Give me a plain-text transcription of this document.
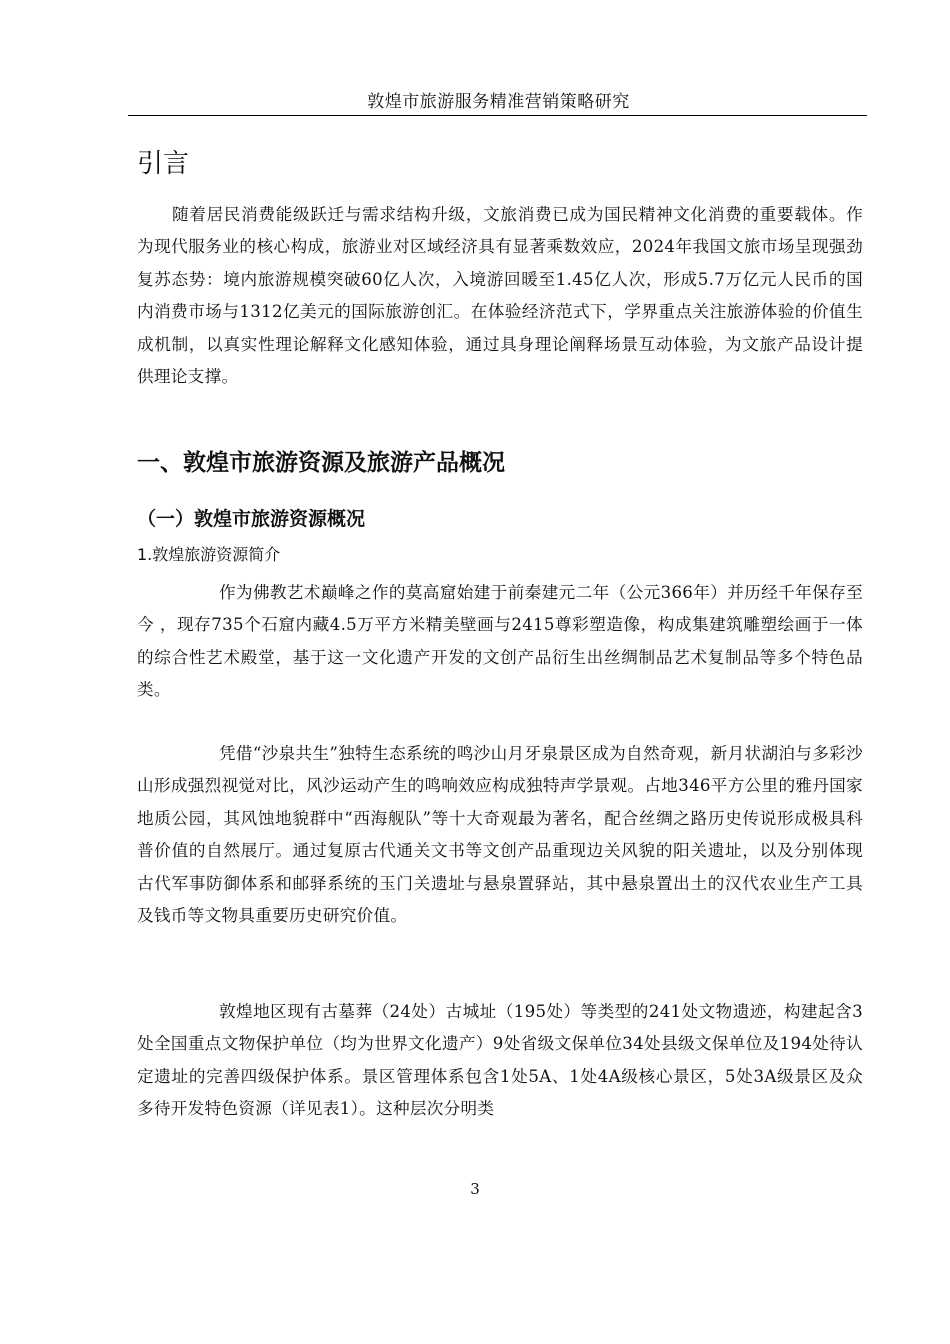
敦煌市旅游服务精准营销策略研究
引言

随着居民消费能级跃迁与需求结构升级，文旅消费已成为国民精神文化消费的重要载体。作为现代服务业的核心构成，旅游业对区域经济具有显著乘数效应，2024年我国文旅市场呈现强劲复苏态势：境内旅游规模突破60亿人次，入境游回暖至1.45亿人次，形成5.7万亿元人民币的国内消费市场与1312亿美元的国际旅游创汇。在体验经济范式下，学界重点关注旅游体验的价值生成机制，以真实性理论解释文化感知体验，通过具身理论阐释场景互动体验，为文旅产品设计提供理论支撑。

一、敦煌市旅游资源及旅游产品概况
（一）敦煌市旅游资源概况
1.敦煌旅游资源简介

作为佛教艺术巅峰之作的莫高窟始建于前秦建元二年（公元366年）并历经千年保存至今 ，现存735个石窟内藏4.5万平方米精美壁画与2415尊彩塑造像，构成集建筑雕塑绘画于一体的综合性艺术殿堂，基于这一文化遗产开发的文创产品衍生出丝绸制品艺术复制品等多个特色品类。

凭借“沙泉共生”独特生态系统的鸣沙山月牙泉景区成为自然奇观，新月状湖泊与多彩沙山形成强烈视觉对比，风沙运动产生的鸣响效应构成独特声学景观。占地346平方公里的雅丹国家地质公园，其风蚀地貌群中“西海舰队”等十大奇观最为著名，配合丝绸之路历史传说形成极具科普价值的自然展厅。通过复原古代通关文书等文创产品重现边关风貌的阳关遗址，以及分别体现古代军事防御体系和邮驿系统的玉门关遗址与悬泉置驿站，其中悬泉置出土的汉代农业生产工具及钱币等文物具重要历史研究价值。

敦煌地区现有古墓葬（24处）古城址（195处）等类型的241处文物遗迹，构建起含3处全国重点文物保护单位（均为世界文化遗产）9处省级文保单位34处县级文保单位及194处待认定遗址的完善四级保护体系。景区管理体系包含1处5A、1处4A级核心景区，5处3A级景区及众多待开发特色资源（详见表1）。这种层次分明类

3
